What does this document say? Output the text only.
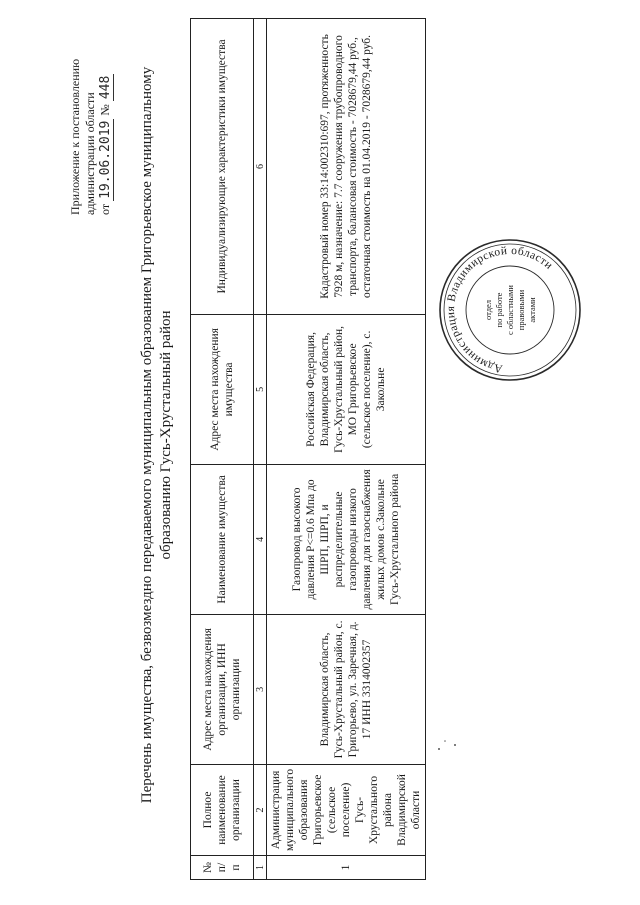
Приложение к постановлению администрации области от 19.06.2019 № 448 Перечень имущества, безвозмездно передаваемого муниципальным образованием Григорьевское муниципальному образованию Гусь-Хрустальный район
№ п/п	Полное наименование организации	Адрес места нахождения организации, ИНН организации	Наименование имущества	Адрес места нахождения имущества	Индивидуализирующие характеристики имущества
1	2	3	4	5	6
1	Администрация муниципального образования Григорьевское (сельское поселение) Гусь-Хрустального района Владимирской области	Владимирская область, Гусь-Хрустальный район, с. Григорьево, ул. Заречная, д. 17 ИНН 3314002357	Газопровод высокого давления Р<=0.6 Мпа до ШРП, ШРП, и распределительные газопроводы низкого давления для газоснабжения жилых домов с.Закольне Гусь-Хрустального района	Российская Федерация, Владимирская область, Гусь-Хрустальный район, МО Григорьевское (сельское поселение), с. Закольне	Кадастровый номер 33:14:002310:697, протяженность 7928 м, назначение: 7.7 сооружения трубопроводного транспорта, балансовая стоимость - 7028679,44 руб., остаточная стоимость на 01.04.2019 - 7028679,44 руб.
Администрация Владимирской области
отдел по работе с областными правовыми актами
